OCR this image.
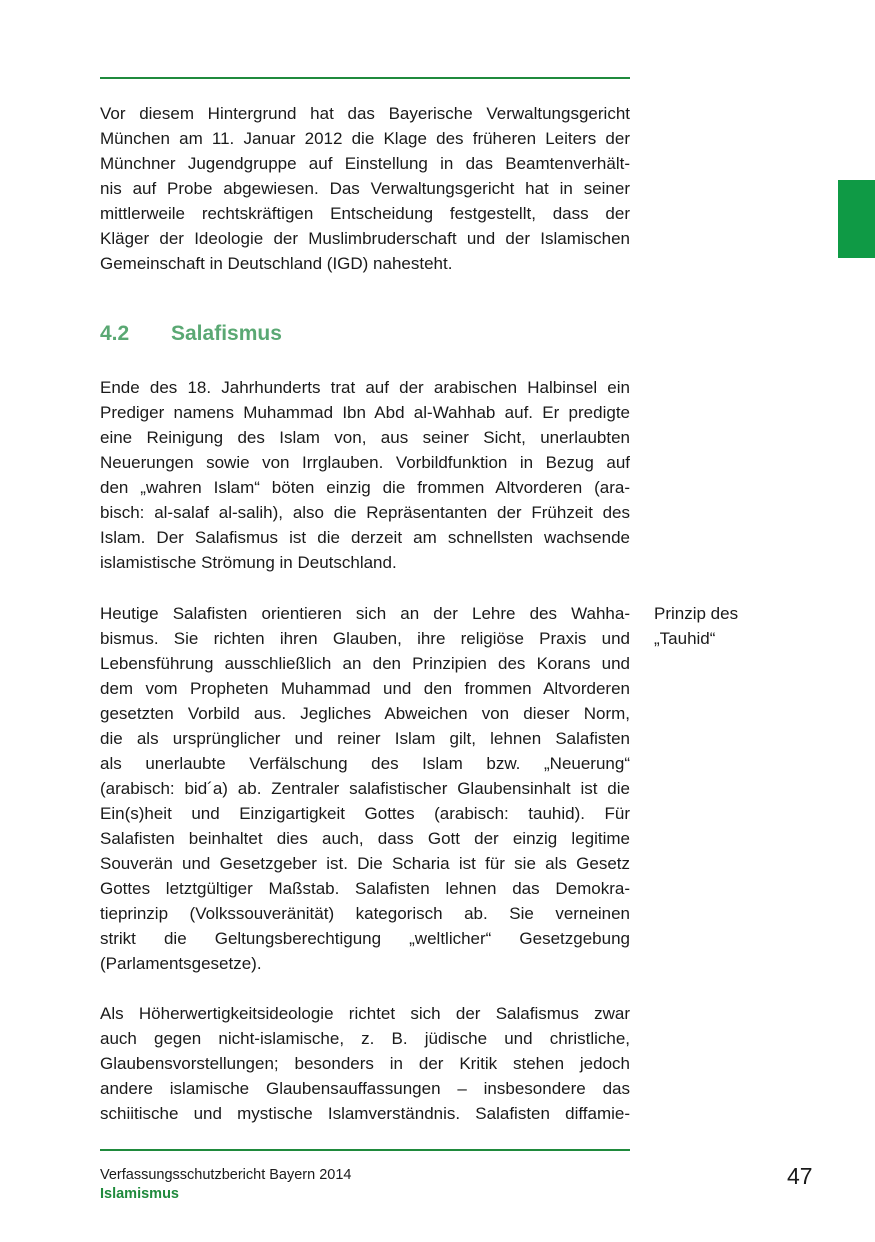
Vor diesem Hintergrund hat das Bayerische Verwaltungsgericht
München am 11. Januar 2012 die Klage des früheren Leiters der
Münchner Jugendgruppe auf Einstellung in das Beamtenverhält-
nis auf Probe abgewiesen. Das Verwaltungsgericht hat in seiner
mittlerweile rechtskräftigen Entscheidung festgestellt, dass der
Kläger der Ideologie der Muslimbruderschaft und der Islamischen
Gemeinschaft in Deutschland (IGD) nahesteht.

4.2 Salafismus

Ende des 18. Jahrhunderts trat auf der arabischen Halbinsel ein
Prediger namens Muhammad Ibn Abd al-Wahhab auf. Er predigte
eine Reinigung des Islam von, aus seiner Sicht, unerlaubten
Neuerungen sowie von Irrglauben. Vorbildfunktion in Bezug auf
den „wahren Islam“ böten einzig die frommen Altvorderen (ara-
bisch: al-salaf al-salih), also die Repräsentanten der Frühzeit des
Islam. Der Salafismus ist die derzeit am schnellsten wachsende
islamistische Strömung in Deutschland.

Heutige Salafisten orientieren sich an der Lehre des Wahha-
bismus. Sie richten ihren Glauben, ihre religiöse Praxis und
Lebensführung ausschließlich an den Prinzipien des Korans und
dem vom Propheten Muhammad und den frommen Altvorderen
gesetzten Vorbild aus. Jegliches Abweichen von dieser Norm,
die als ursprünglicher und reiner Islam gilt, lehnen Salafisten
als unerlaubte Verfälschung des Islam bzw. „Neuerung“
(arabisch: bid´a) ab. Zentraler salafistischer Glaubensinhalt ist die
Ein(s)heit und Einzigartigkeit Gottes (arabisch: tauhid). Für
Salafisten beinhaltet dies auch, dass Gott der einzig legitime
Souverän und Gesetzgeber ist. Die Scharia ist für sie als Gesetz
Gottes letztgültiger Maßstab. Salafisten lehnen das Demokra-
tieprinzip (Volkssouveränität) kategorisch ab. Sie verneinen
strikt die Geltungsberechtigung „weltlicher“ Gesetzgebung
(Parlamentsgesetze).

Prinzip des
„Tauhid“

Als Höherwertigkeitsideologie richtet sich der Salafismus zwar
auch gegen nicht-islamische, z. B. jüdische und christliche,
Glaubensvorstellungen; besonders in der Kritik stehen jedoch
andere islamische Glaubensauffassungen – insbesondere das
schiitische und mystische Islamverständnis. Salafisten diffamie-

Verfassungsschutzbericht Bayern 2014
Islamismus
47
